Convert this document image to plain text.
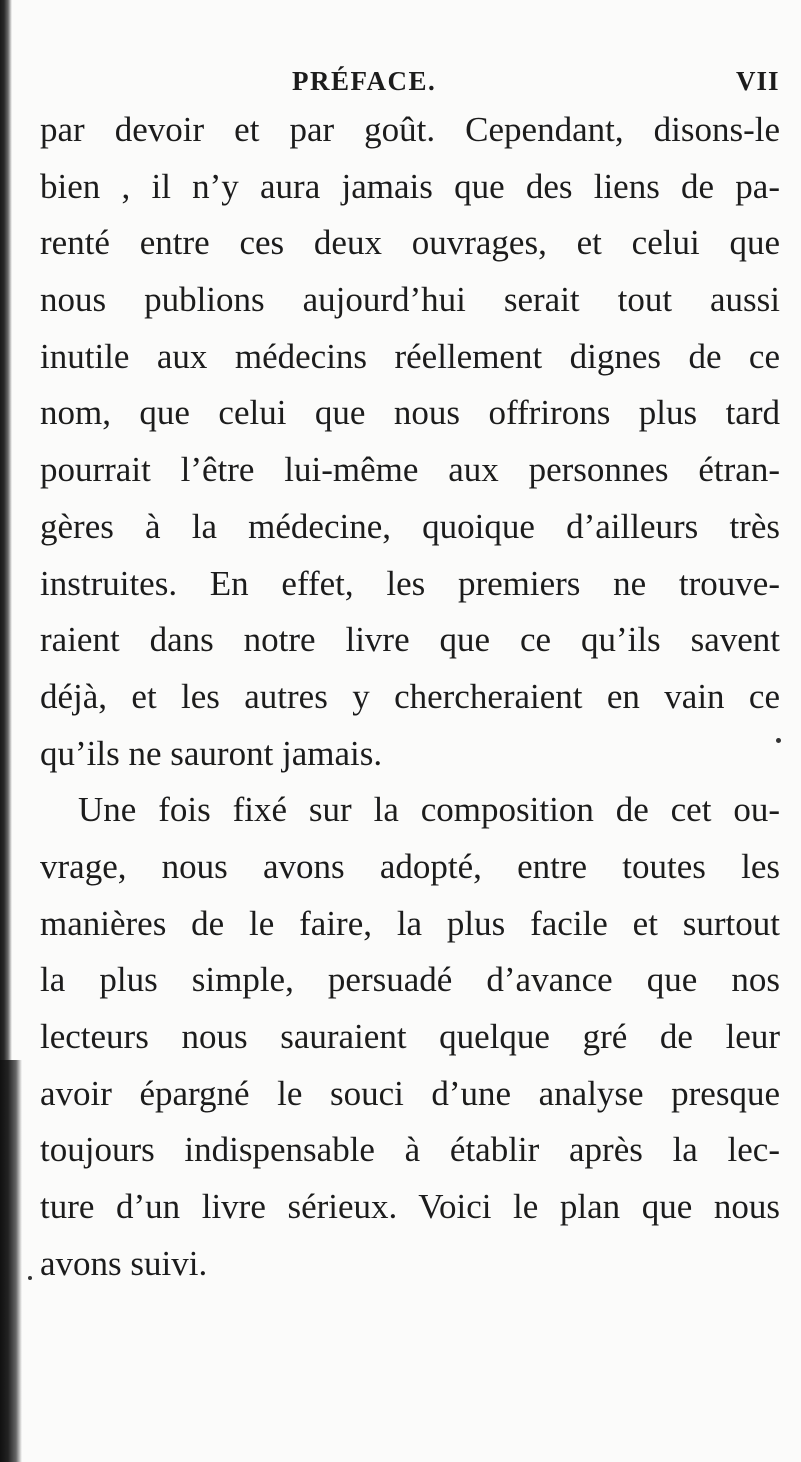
PRÉFACE.	VII
par devoir et par goût. Cependant, disons-le
bien , il n’y aura jamais que des liens de pa-
renté entre ces deux ouvrages, et celui que
nous publions aujourd’hui serait tout aussi
inutile aux médecins réellement dignes de ce
nom, que celui que nous offrirons plus tard
pourrait l’être lui-même aux personnes étran-
gères à la médecine, quoique d’ailleurs très
instruites. En effet, les premiers ne trouve-
raient dans notre livre que ce qu’ils savent
déjà, et les autres y chercheraient en vain ce
qu’ils ne sauront jamais.
Une fois fixé sur la composition de cet ou-
vrage, nous avons adopté, entre toutes les
manières de le faire, la plus facile et surtout
la plus simple, persuadé d’avance que nos
lecteurs nous sauraient quelque gré de leur
avoir épargné le souci d’une analyse presque
toujours indispensable à établir après la lec-
ture d’un livre sérieux. Voici le plan que nous
avons suivi.
